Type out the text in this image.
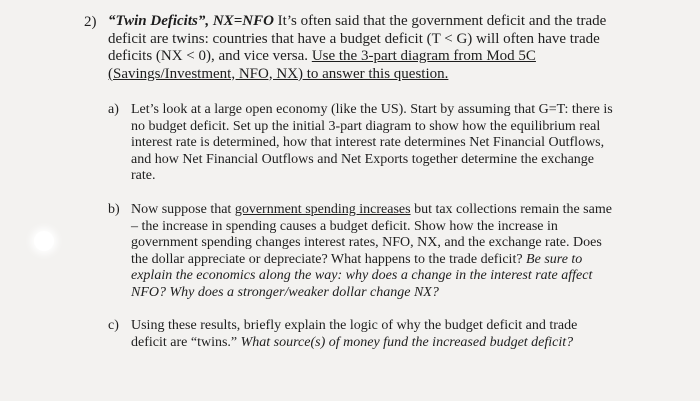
2) “Twin Deficits”, NX=NFO It’s often said that the government deficit and the trade deficit are twins: countries that have a budget deficit (T < G) will often have trade deficits (NX < 0), and vice versa. Use the 3-part diagram from Mod 5C (Savings/Investment, NFO, NX) to answer this question.
a) Let’s look at a large open economy (like the US). Start by assuming that G=T: there is no budget deficit. Set up the initial 3-part diagram to show how the equilibrium real interest rate is determined, how that interest rate determines Net Financial Outflows, and how Net Financial Outflows and Net Exports together determine the exchange rate.
b) Now suppose that government spending increases but tax collections remain the same – the increase in spending causes a budget deficit. Show how the increase in government spending changes interest rates, NFO, NX, and the exchange rate. Does the dollar appreciate or depreciate? What happens to the trade deficit? Be sure to explain the economics along the way: why does a change in the interest rate affect NFO? Why does a stronger/weaker dollar change NX?
c) Using these results, briefly explain the logic of why the budget deficit and trade deficit are “twins.” What source(s) of money fund the increased budget deficit?
